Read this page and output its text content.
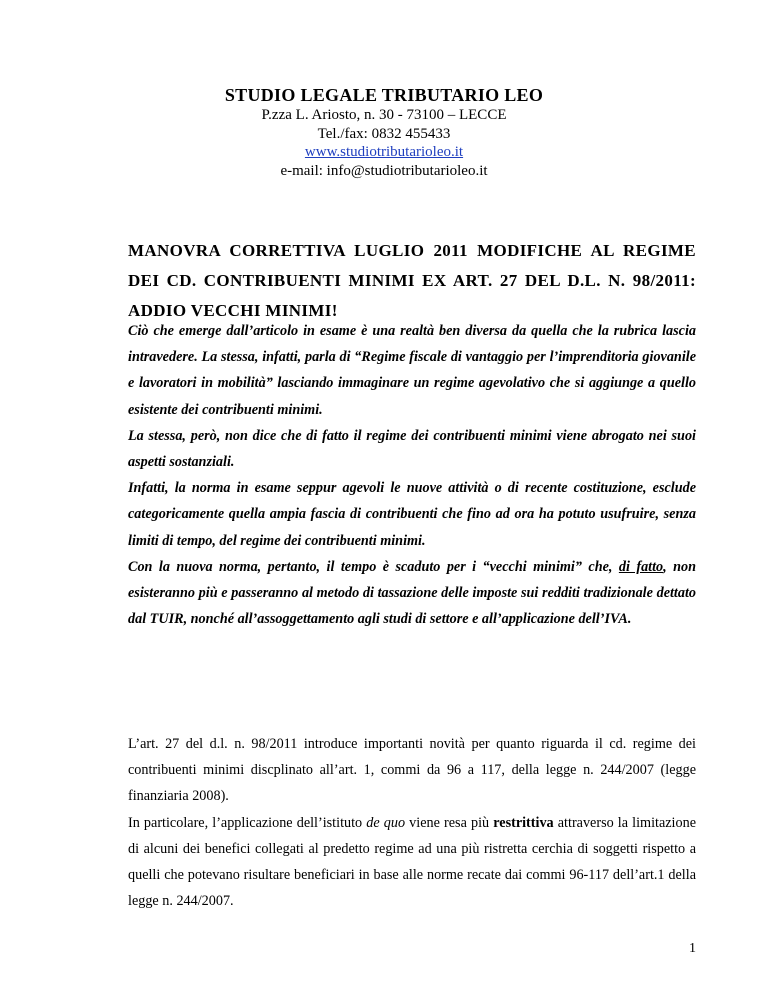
STUDIO LEGALE TRIBUTARIO LEO
P.zza L. Ariosto, n. 30 - 73100 – LECCE
Tel./fax: 0832 455433
www.studiotributarioleo.it
e-mail: info@studiotributarioleo.it
MANOVRA CORRETTIVA LUGLIO 2011 MODIFICHE AL REGIME DEI CD. CONTRIBUENTI MINIMI EX ART. 27 DEL D.L. N. 98/2011: ADDIO VECCHI MINIMI!

Ciò che emerge dall’articolo in esame è una realtà ben diversa da quella che la rubrica lascia intravedere. La stessa, infatti, parla di “Regime fiscale di vantaggio per l’imprenditoria giovanile e lavoratori in mobilità” lasciando immaginare un regime agevolativo che si aggiunge a quello esistente dei contribuenti minimi.

La stessa, però, non dice che di fatto il regime dei contribuenti minimi viene abrogato nei suoi aspetti sostanziali.

Infatti, la norma in esame seppur agevoli le nuove attività o di recente costituzione, esclude categoricamente quella ampia fascia di contribuenti che fino ad ora ha potuto usufruire, senza limiti di tempo, del regime dei contribuenti minimi.

Con la nuova norma, pertanto, il tempo è scaduto per i “vecchi minimi” che, di fatto, non esisteranno più e passeranno al metodo di tassazione delle imposte sui redditi tradizionale dettato dal TUIR, nonché all’assoggettamento agli studi di settore e all’applicazione dell’IVA.

L’art. 27 del d.l. n. 98/2011 introduce importanti novità per quanto riguarda il cd. regime dei contribuenti minimi discplinato all’art. 1, commi da 96 a 117, della legge n. 244/2007 (legge finanziaria 2008).

In particolare, l’applicazione dell’istituto de quo viene resa più restrittiva attraverso la limitazione di alcuni dei benefici collegati al predetto regime ad una più ristretta cerchia di soggetti rispetto a quelli che potevano risultare beneficiari in base alle norme recate dai commi 96-117 dell’art.1 della legge n. 244/2007.

1
